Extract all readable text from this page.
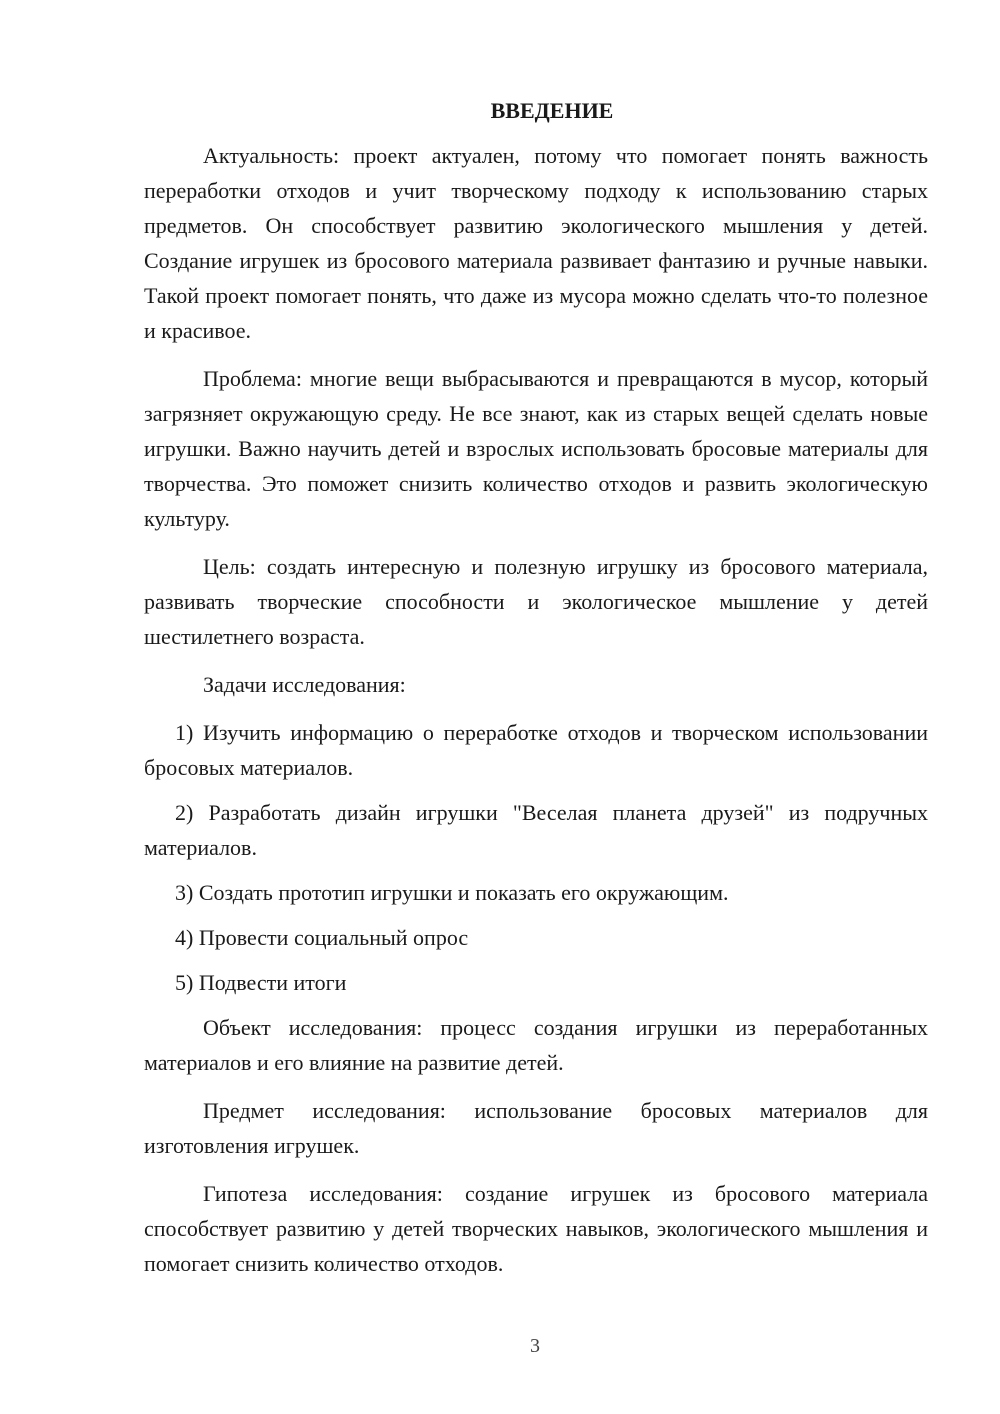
ВВЕДЕНИЕ

Актуальность: проект актуален, потому что помогает понять важность переработки отходов и учит творческому подходу к использованию старых предметов. Он способствует развитию экологического мышления у детей. Создание игрушек из бросового материала развивает фантазию и ручные навыки. Такой проект помогает понять, что даже из мусора можно сделать что-то полезное и красивое.

Проблема: многие вещи выбрасываются и превращаются в мусор, который загрязняет окружающую среду. Не все знают, как из старых вещей сделать новые игрушки. Важно научить детей и взрослых использовать бросовые материалы для творчества. Это поможет снизить количество отходов и развить экологическую культуру.

Цель: создать интересную и полезную игрушку из бросового материала, развивать творческие способности и экологическое мышление у детей шестилетнего возраста.

Задачи исследования:

1) Изучить информацию о переработке отходов и творческом использовании бросовых материалов.

2) Разработать дизайн игрушки "Веселая планета друзей" из подручных материалов.

3) Создать прототип игрушки и показать его окружающим.

4) Провести социальный опрос

5) Подвести итоги

Объект исследования: процесс создания игрушки из переработанных материалов и его влияние на развитие детей.

Предмет исследования: использование бросовых материалов для изготовления игрушек.

Гипотеза исследования: создание игрушек из бросового материала способствует развитию у детей творческих навыков, экологического мышления и помогает снизить количество отходов.

3
